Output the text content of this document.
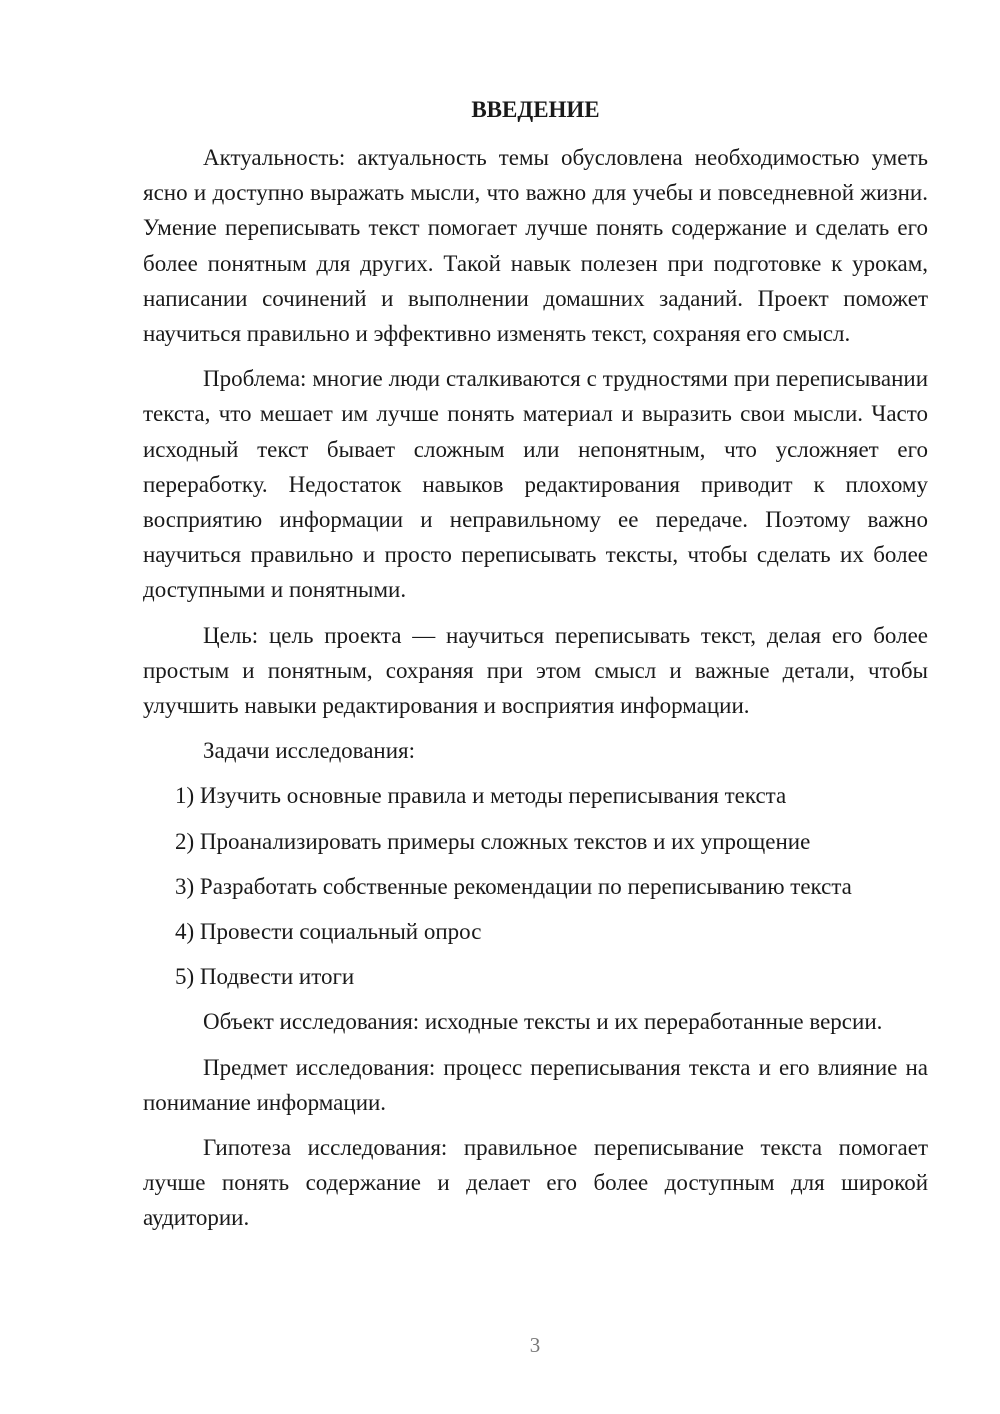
ВВЕДЕНИЕ

Актуальность: актуальность темы обусловлена необходимостью уметь ясно и доступно выражать мысли, что важно для учебы и повседневной жизни. Умение переписывать текст помогает лучше понять содержание и сделать его более понятным для других. Такой навык полезен при подготовке к урокам, написании сочинений и выполнении домашних заданий. Проект поможет научиться правильно и эффективно изменять текст, сохраняя его смысл.

Проблема: многие люди сталкиваются с трудностями при переписывании текста, что мешает им лучше понять материал и выразить свои мысли. Часто исходный текст бывает сложным или непонятным, что усложняет его переработку. Недостаток навыков редактирования приводит к плохому восприятию информации и неправильному ее передаче. Поэтому важно научиться правильно и просто переписывать тексты, чтобы сделать их более доступными и понятными.

Цель: цель проекта — научиться переписывать текст, делая его более простым и понятным, сохраняя при этом смысл и важные детали, чтобы улучшить навыки редактирования и восприятия информации.

Задачи исследования:

1) Изучить основные правила и методы переписывания текста
2) Проанализировать примеры сложных текстов и их упрощение
3) Разработать собственные рекомендации по переписыванию текста
4) Провести социальный опрос
5) Подвести итоги

Объект исследования: исходные тексты и их переработанные версии.

Предмет исследования: процесс переписывания текста и его влияние на понимание информации.

Гипотеза исследования: правильное переписывание текста помогает лучше понять содержание и делает его более доступным для широкой аудитории.

3
